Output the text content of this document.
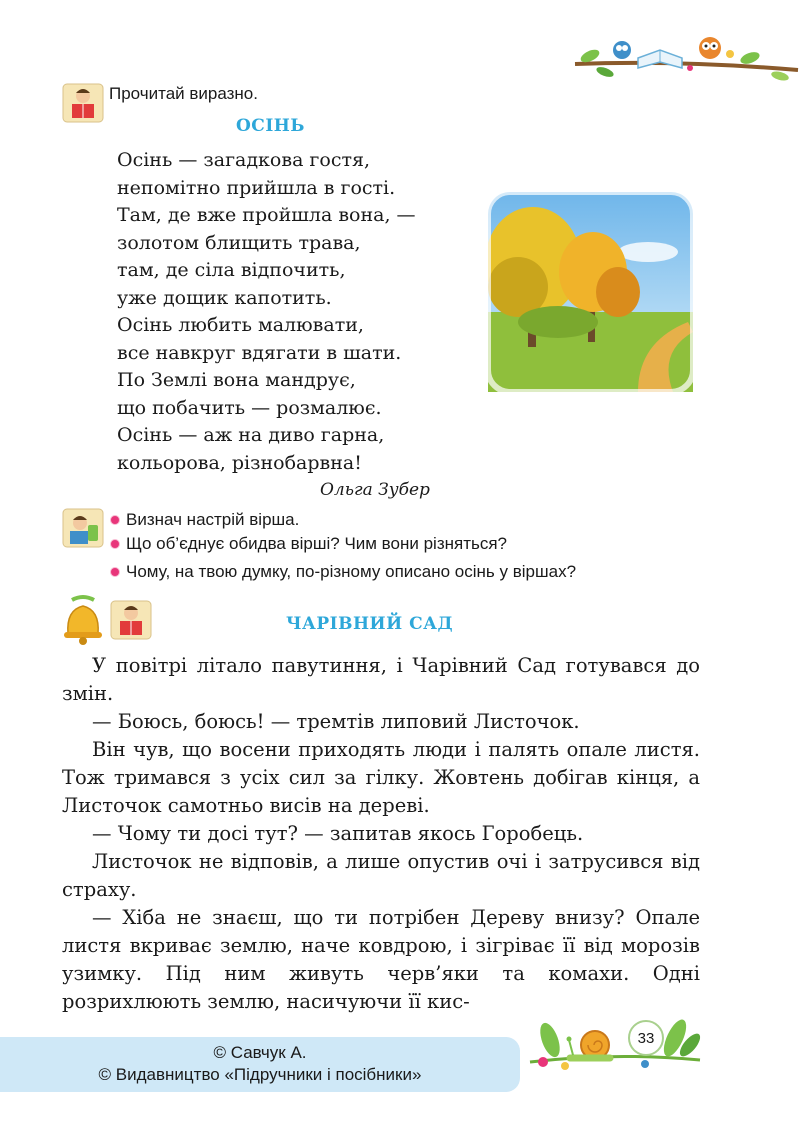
Прочитай виразно.
ОСІНЬ
Осінь — загадкова гостя,
непомітно прийшла в гості.
Там, де вже пройшла вона, —
золотом блищить трава,
там, де сіла відпочить,
уже дощик капотить.
Осінь любить малювати,
все навкруг вдягати в шати.
По Землі вона мандрує,
що побачить — розмалює.
Осінь — аж на диво гарна,
кольорова, різнобарвна!
Ольга Зубер
Визнач настрій вірша.
Що об’єднує обидва вірші? Чим вони різняться?
Чому, на твою думку, по-різному описано осінь у віршах?
ЧАРІВНИЙ САД

У повітрі літало павутиння, і Чарівний Сад готувався до змін.

— Боюсь, боюсь! — тремтів липовий Листочок.

Він чув, що восени приходять люди і палять опале листя. Тож тримався з усіх сил за гілку. Жовтень добігав кінця, а Листочок самотньо висів на дереві.

— Чому ти досі тут? — запитав якось Горобець.

Листочок не відповів, а лише опустив очі і затрусився від страху.

— Хіба не знаєш, що ти потрібен Дереву внизу? Опале листя вкриває землю, наче ковдрою, і зігріває її від морозів узимку. Під ним живуть черв’яки та комахи. Одні розрихлюють землю, насичуючи її кис-

© Савчук А.
© Видавництво «Підручники і посібники»
33
